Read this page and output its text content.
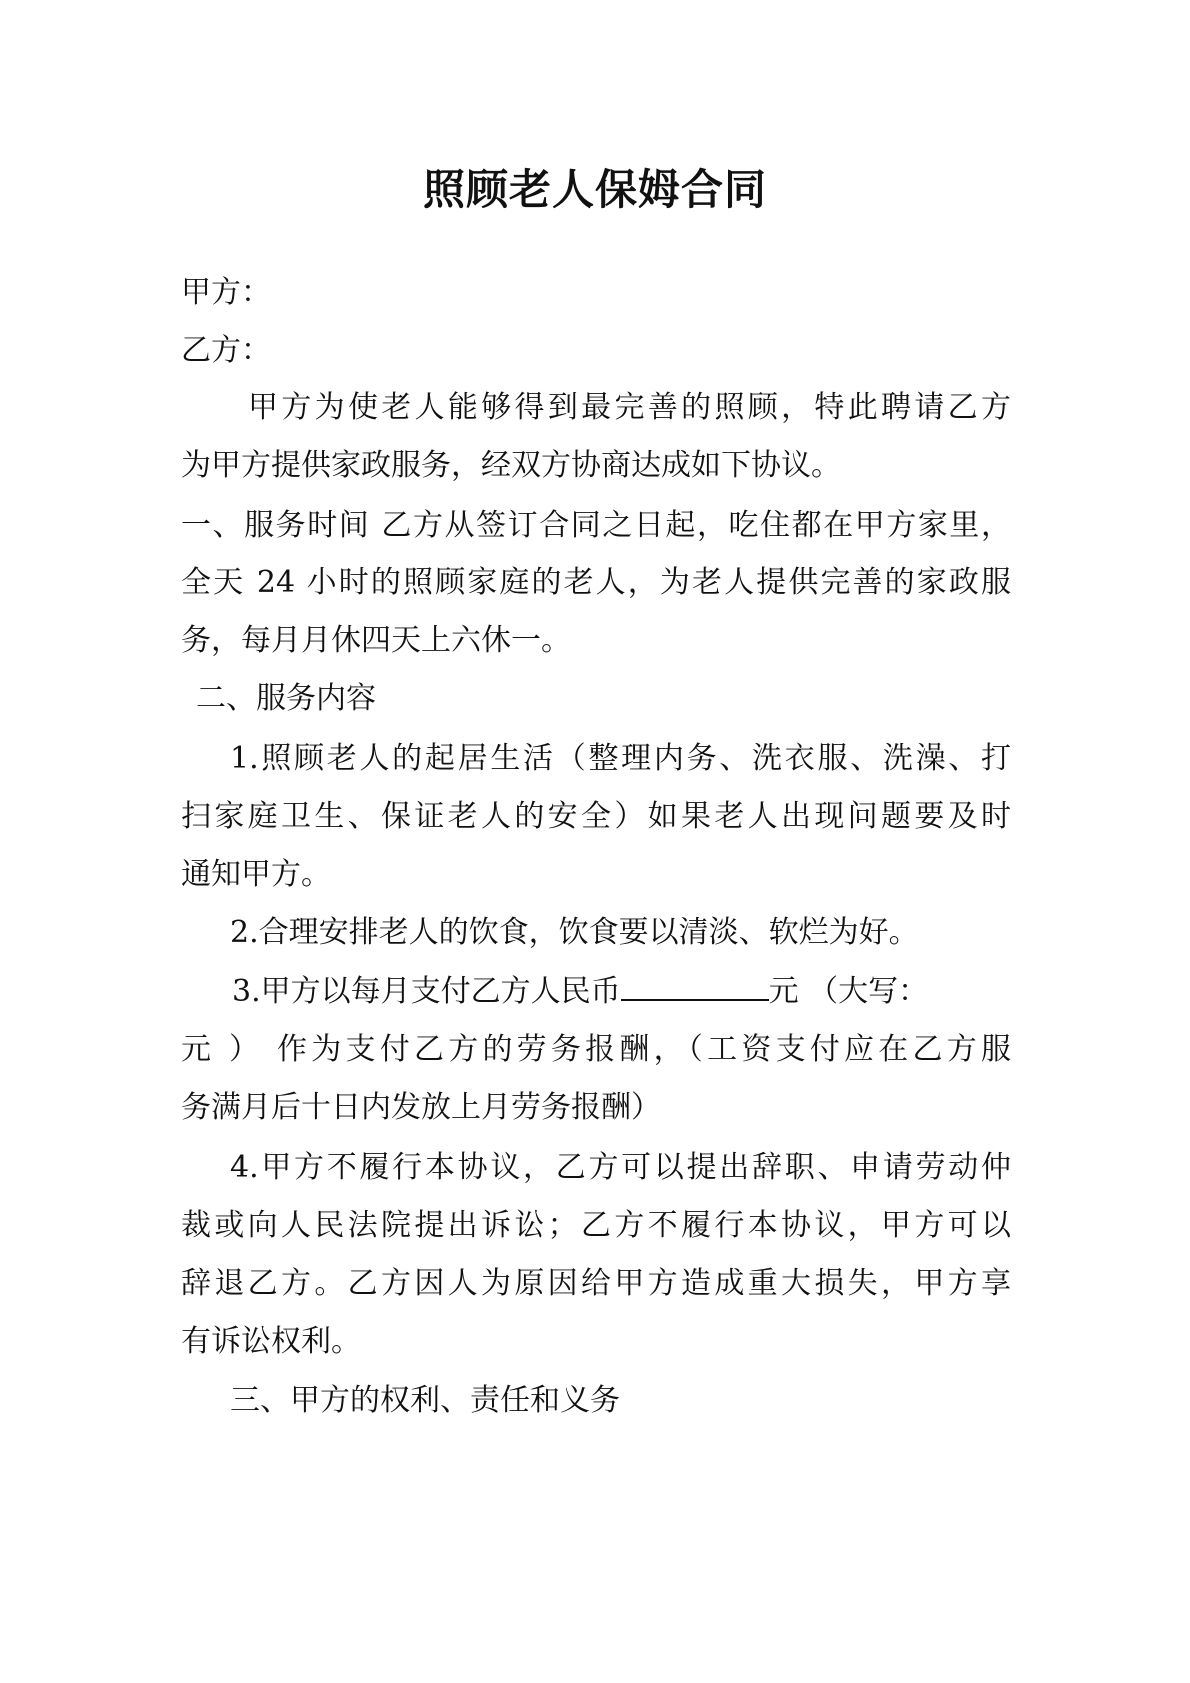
照顾老人保姆合同

甲方：

乙方：

甲方为使老人能够得到最完善的照顾，特此聘请乙方

为甲方提供家政服务，经双方协商达成如下协议。

一、服务时间 乙方从签订合同之日起，吃住都在甲方家里，

全天 24 小时的照顾家庭的老人，为老人提供完善的家政服

务，每月月休四天上六休一。

二、服务内容

1.照顾老人的起居生活（整理内务、洗衣服、洗澡、打

扫家庭卫生、保证老人的安全）如果老人出现问题要及时

通知甲方。

2.合理安排老人的饮食，饮食要以清淡、软烂为好。

3.甲方以每月支付乙方人民币	元 （大写：

元 ） 作为支付乙方的劳务报酬，（工资支付应在乙方服

务满月后十日内发放上月劳务报酬）

4.甲方不履行本协议，乙方可以提出辞职、申请劳动仲

裁或向人民法院提出诉讼；乙方不履行本协议，甲方可以

辞退乙方。乙方因人为原因给甲方造成重大损失，甲方享

有诉讼权利。

三、甲方的权利、责任和义务
